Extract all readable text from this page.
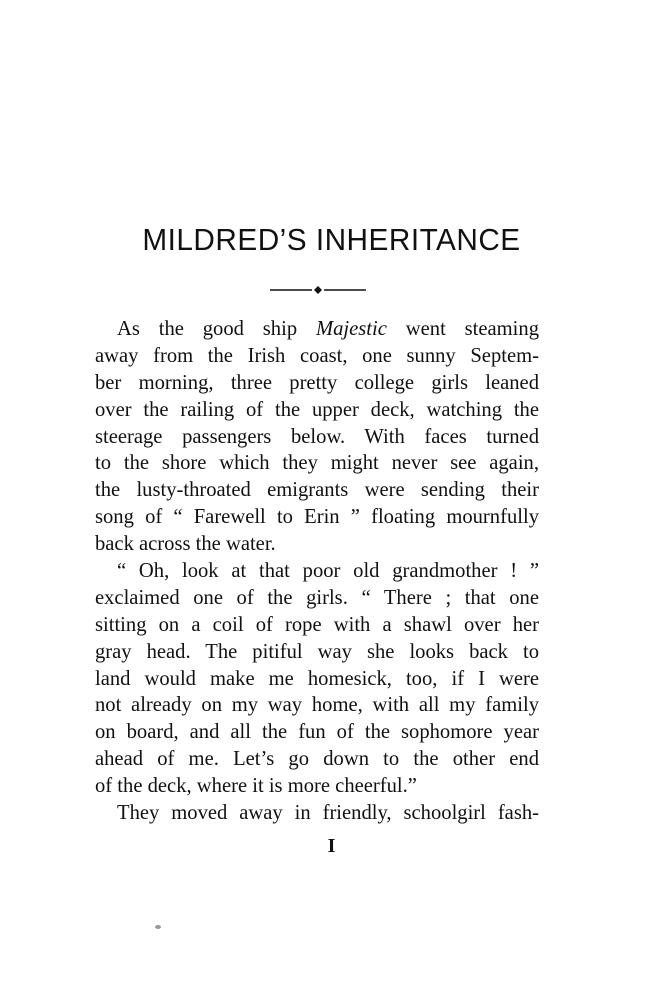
MILDRED’S INHERITANCE
As the good ship Majestic went steaming
away from the Irish coast, one sunny Septem-
ber morning, three pretty college girls leaned
over the railing of the upper deck, watching the
steerage passengers below. With faces turned
to the shore which they might never see again,
the lusty-throated emigrants were sending their
song of “ Farewell to Erin ” floating mournfully
back across the water.
“ Oh, look at that poor old grandmother ! ”
exclaimed one of the girls. “ There ; that one
sitting on a coil of rope with a shawl over her
gray head. The pitiful way she looks back to
land would make me homesick, too, if I were
not already on my way home, with all my family
on board, and all the fun of the sophomore year
ahead of me. Let’s go down to the other end
of the deck, where it is more cheerful.”
They moved away in friendly, schoolgirl fash-
I
